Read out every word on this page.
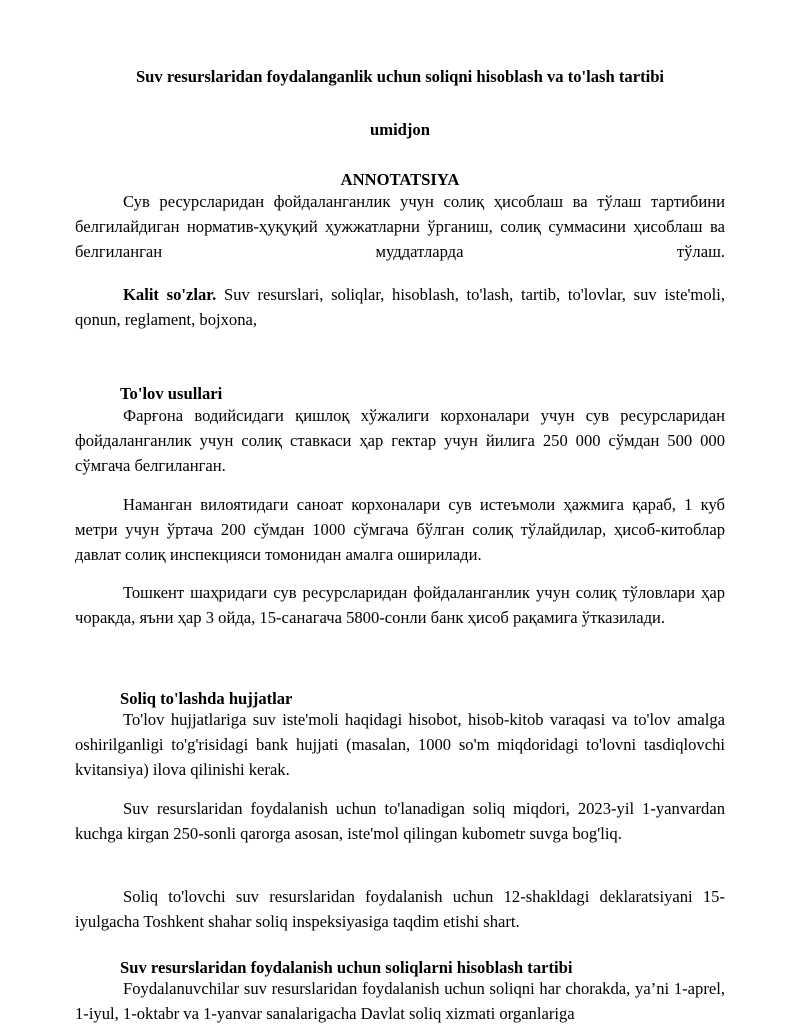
Suv resurslaridan foydalanganlik uchun soliqni hisoblash va to'lash tartibi
umidjon
ANNOTATSIYA

Сув ресурсларидан фойдаланганлик учун солиқ ҳисоблаш ва тўлаш тартибини белгилайдиган норматив-ҳуқуқий ҳужжатларни ўрганиш, солиқ суммасини ҳисоблаш ва белгиланган муддатларда тўлаш.

Kalit so'zlar. Suv resurslari, soliqlar, hisoblash, to'lash, tartib, to'lovlar, suv iste'moli, qonun, reglament, bojxona,

To'lov usullari

Фарғона водийсидаги қишлоқ хўжалиги корхоналари учун сув ресурсларидан фойдаланганлик учун солиқ ставкаси ҳар гектар учун йилига 250 000 сўмдан 500 000 сўмгача белгиланган.

Наманган вилоятидаги саноат корхоналари сув истеъмоли ҳажмига қараб, 1 куб метри учун ўртача 200 сўмдан 1000 сўмгача бўлган солиқ тўлайдилар, ҳисоб-китоблар давлат солиқ инспекцияси томонидан амалга оширилади.

Тошкент шаҳридаги сув ресурсларидан фойдаланганлик учун солиқ тўловлари ҳар чоракда, яъни ҳар 3 ойда, 15-санагача 5800-сонли банк ҳисоб рақамига ўтказилади.

Soliq to'lashda hujjatlar

To'lov hujjatlariga suv iste'moli haqidagi hisobot, hisob-kitob varaqasi va to'lov amalga oshirilganligi to'g'risidagi bank hujjati (masalan, 1000 so'm miqdoridagi to'lovni tasdiqlovchi kvitansiya) ilova qilinishi kerak.

Suv resurslaridan foydalanish uchun to'lanadigan soliq miqdori, 2023-yil 1-yanvardan kuchga kirgan 250-sonli qarorga asosan, iste'mol qilingan kubometr suvga bog'liq.

Soliq to'lovchi suv resurslaridan foydalanish uchun 12-shakldagi deklaratsiyani 15-iyulgacha Toshkent shahar soliq inspeksiyasiga taqdim etishi shart.

Suv resurslaridan foydalanish uchun soliqlarni hisoblash tartibi

Foydalanuvchilar suv resurslaridan foydalanish uchun soliqni har chorakda, ya’ni 1-aprel, 1-iyul, 1-oktabr va 1-yanvar sanalarigacha Davlat soliq xizmati organlariga
